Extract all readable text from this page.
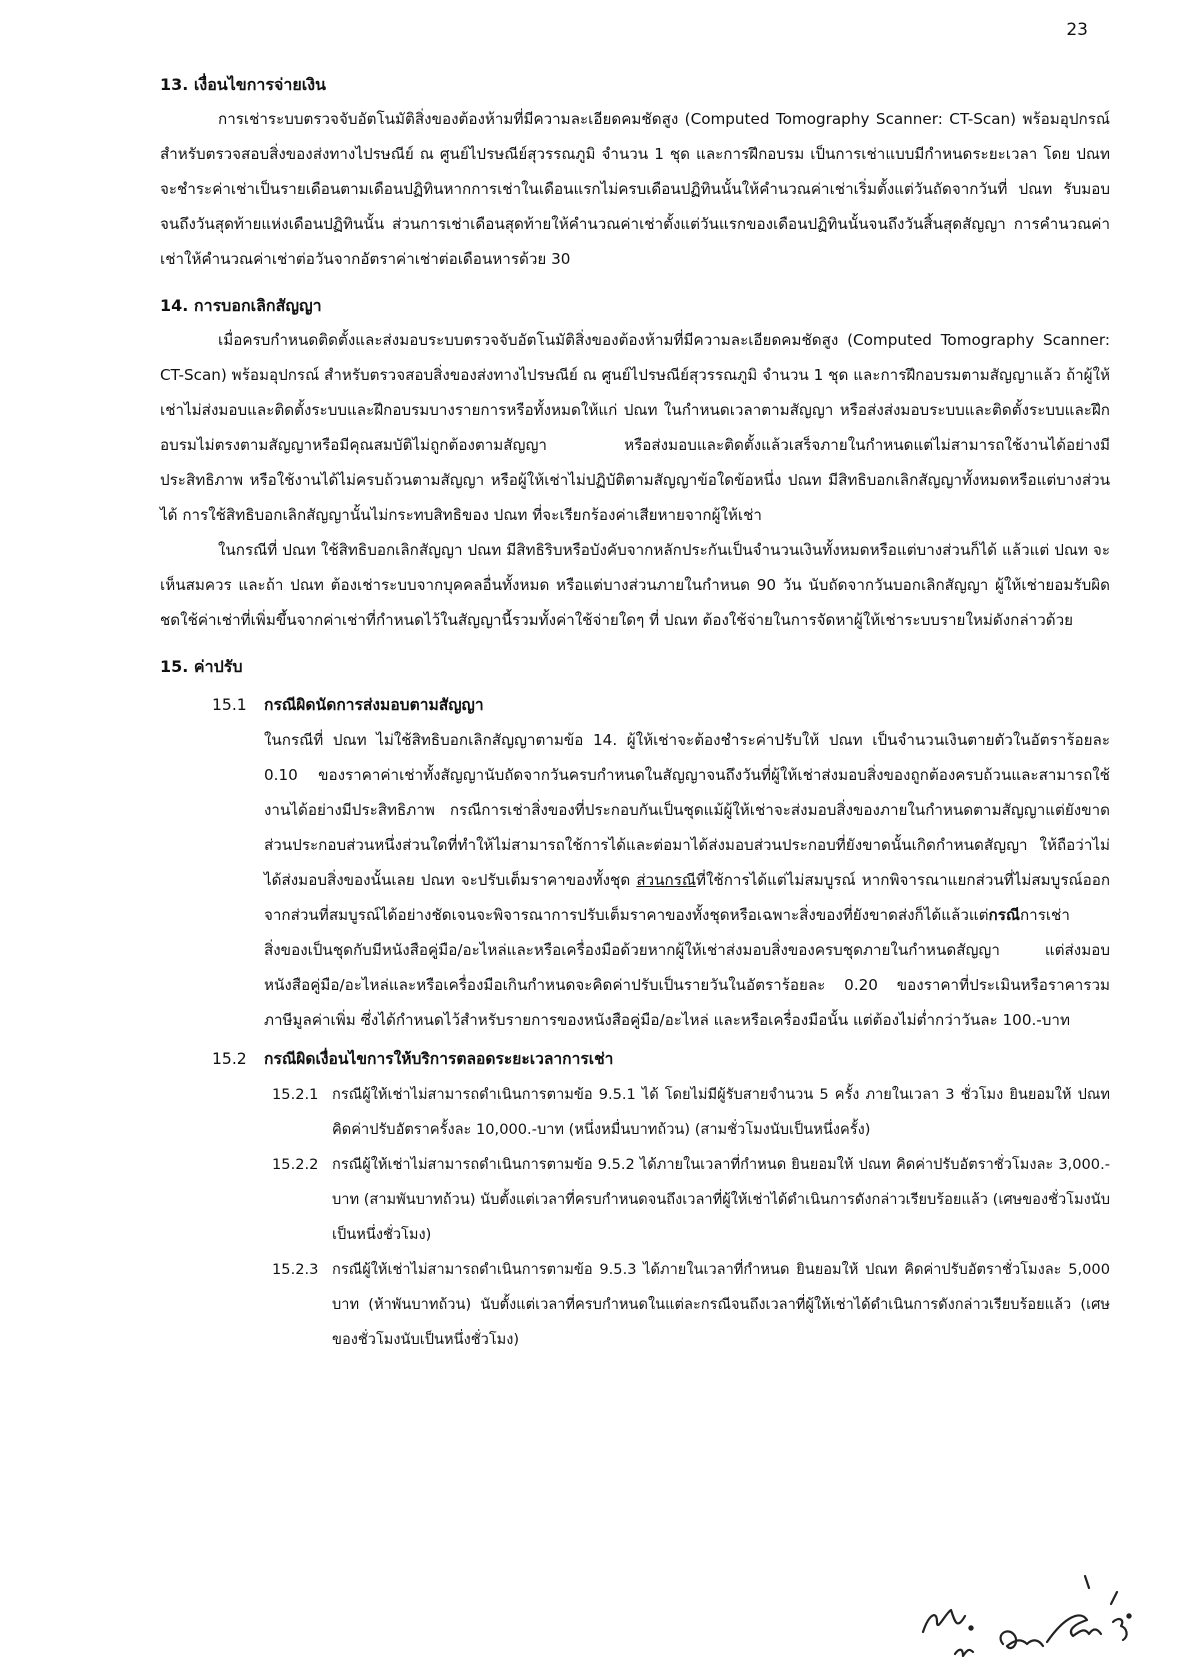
23
13. เงื่อนไขการจ่ายเงิน

การเช่าระบบตรวจจับอัตโนมัติสิ่งของต้องห้ามที่มีความละเอียดคมชัดสูง (Computed Tomography Scanner: CT-Scan) พร้อมอุปกรณ์ สำหรับตรวจสอบสิ่งของส่งทางไปรษณีย์ ณ ศูนย์ไปรษณีย์สุวรรณภูมิ จำนวน 1 ชุด และการฝึกอบรม เป็นการเช่าแบบมีกำหนดระยะเวลา โดย ปณท จะชำระค่าเช่าเป็นรายเดือนตามเดือนปฏิทินหากการเช่าในเดือนแรกไม่ครบเดือนปฏิทินนั้นให้คำนวณค่าเช่าเริ่มตั้งแต่วันถัดจากวันที่ ปณท รับมอบจนถึงวันสุดท้ายแห่งเดือนปฏิทินนั้น ส่วนการเช่าเดือนสุดท้ายให้คำนวณค่าเช่าตั้งแต่วันแรกของเดือนปฏิทินนั้นจนถึงวันสิ้นสุดสัญญา การคำนวณค่าเช่าให้คำนวณค่าเช่าต่อวันจากอัตราค่าเช่าต่อเดือนหารด้วย 30

14. การบอกเลิกสัญญา

เมื่อครบกำหนดติดตั้งและส่งมอบระบบตรวจจับอัตโนมัติสิ่งของต้องห้ามที่มีความละเอียดคมชัดสูง (Computed Tomography Scanner: CT-Scan) พร้อมอุปกรณ์ สำหรับตรวจสอบสิ่งของส่งทางไปรษณีย์ ณ ศูนย์ไปรษณีย์สุวรรณภูมิ จำนวน 1 ชุด และการฝึกอบรมตามสัญญาแล้ว ถ้าผู้ให้เช่าไม่ส่งมอบและติดตั้งระบบและฝึกอบรมบางรายการหรือทั้งหมดให้แก่ ปณท ในกำหนดเวลาตามสัญญา หรือส่งส่งมอบระบบและติดตั้งระบบและฝึกอบรมไม่ตรงตามสัญญาหรือมีคุณสมบัติไม่ถูกต้องตามสัญญา หรือส่งมอบและติดตั้งแล้วเสร็จภายในกำหนดแต่ไม่สามารถใช้งานได้อย่างมีประสิทธิภาพ หรือใช้งานได้ไม่ครบถ้วนตามสัญญา หรือผู้ให้เช่าไม่ปฏิบัติตามสัญญาข้อใดข้อหนึ่ง ปณท มีสิทธิบอกเลิกสัญญาทั้งหมดหรือแต่บางส่วนได้ การใช้สิทธิบอกเลิกสัญญานั้นไม่กระทบสิทธิของ ปณท ที่จะเรียกร้องค่าเสียหายจากผู้ให้เช่า

ในกรณีที่ ปณท ใช้สิทธิบอกเลิกสัญญา ปณท มีสิทธิริบหรือบังคับจากหลักประกันเป็นจำนวนเงินทั้งหมดหรือแต่บางส่วนก็ได้ แล้วแต่ ปณท จะเห็นสมควร และถ้า ปณท ต้องเช่าระบบจากบุคคลอื่นทั้งหมด หรือแต่บางส่วนภายในกำหนด 90 วัน นับถัดจากวันบอกเลิกสัญญา ผู้ให้เช่ายอมรับผิดชดใช้ค่าเช่าที่เพิ่มขึ้นจากค่าเช่าที่กำหนดไว้ในสัญญานี้รวมทั้งค่าใช้จ่ายใดๆ ที่ ปณท ต้องใช้จ่ายในการจัดหาผู้ให้เช่าระบบรายใหม่ดังกล่าวด้วย

15. ค่าปรับ
15.1 กรณีผิดนัดการส่งมอบตามสัญญา

ในกรณีที่ ปณท ไม่ใช้สิทธิบอกเลิกสัญญาตามข้อ 14. ผู้ให้เช่าจะต้องชำระค่าปรับให้ ปณท เป็นจำนวนเงินตายตัวในอัตราร้อยละ 0.10 ของราคาค่าเช่าทั้งสัญญานับถัดจากวันครบกำหนดในสัญญาจนถึงวันที่ผู้ให้เช่าส่งมอบสิ่งของถูกต้องครบถ้วนและสามารถใช้งานได้อย่างมีประสิทธิภาพ กรณีการเช่าสิ่งของที่ประกอบกันเป็นชุดแม้ผู้ให้เช่าจะส่งมอบสิ่งของภายในกำหนดตามสัญญาแต่ยังขาดส่วนประกอบส่วนหนึ่งส่วนใดที่ทำให้ไม่สามารถใช้การได้และต่อมาได้ส่งมอบส่วนประกอบที่ยังขาดนั้นเกิดกำหนดสัญญา ให้ถือว่าไม่ได้ส่งมอบสิ่งของนั้นเลย ปณท จะปรับเต็มราคาของทั้งชุด ส่วนกรณีที่ใช้การได้แต่ไม่สมบูรณ์ หากพิจารณาแยกส่วนที่ไม่สมบูรณ์ออกจากส่วนที่สมบูรณ์ได้อย่างชัดเจนจะพิจารณาการปรับเต็มราคาของทั้งชุดหรือเฉพาะสิ่งของที่ยังขาดส่งก็ได้แล้วแต่กรณีการเช่าสิ่งของเป็นชุดกับมีหนังสือคู่มือ/อะไหล่และหรือเครื่องมือด้วยหากผู้ให้เช่าส่งมอบสิ่งของครบชุดภายในกำหนดสัญญา แต่ส่งมอบหนังสือคู่มือ/อะไหล่และหรือเครื่องมือเกินกำหนดจะคิดค่าปรับเป็นรายวันในอัตราร้อยละ 0.20 ของราคาที่ประเมินหรือราคารวมภาษีมูลค่าเพิ่ม ซึ่งได้กำหนดไว้สำหรับรายการของหนังสือคู่มือ/อะไหล่ และหรือเครื่องมือนั้น แต่ต้องไม่ต่ำกว่าวันละ 100.-บาท

15.2 กรณีผิดเงื่อนไขการให้บริการตลอดระยะเวลาการเช่า
15.2.1 กรณีผู้ให้เช่าไม่สามารถดำเนินการตามข้อ 9.5.1 ได้ โดยไม่มีผู้รับสายจำนวน 5 ครั้ง ภายในเวลา 3 ชั่วโมง ยินยอมให้ ปณท คิดค่าปรับอัตราครั้งละ 10,000.-บาท (หนึ่งหมื่นบาทถ้วน) (สามชั่วโมงนับเป็นหนึ่งครั้ง)
15.2.2 กรณีผู้ให้เช่าไม่สามารถดำเนินการตามข้อ 9.5.2 ได้ภายในเวลาที่กำหนด ยินยอมให้ ปณท คิดค่าปรับอัตราชั่วโมงละ 3,000.-บาท (สามพันบาทถ้วน) นับตั้งแต่เวลาที่ครบกำหนดจนถึงเวลาที่ผู้ให้เช่าได้ดำเนินการดังกล่าวเรียบร้อยแล้ว (เศษของชั่วโมงนับเป็นหนึ่งชั่วโมง)
15.2.3 กรณีผู้ให้เช่าไม่สามารถดำเนินการตามข้อ 9.5.3 ได้ภายในเวลาที่กำหนด ยินยอมให้ ปณท คิดค่าปรับอัตราชั่วโมงละ 5,000 บาท (ห้าพันบาทถ้วน) นับตั้งแต่เวลาที่ครบกำหนดในแต่ละกรณีจนถึงเวลาที่ผู้ให้เช่าได้ดำเนินการดังกล่าวเรียบร้อยแล้ว (เศษของชั่วโมงนับเป็นหนึ่งชั่วโมง)
